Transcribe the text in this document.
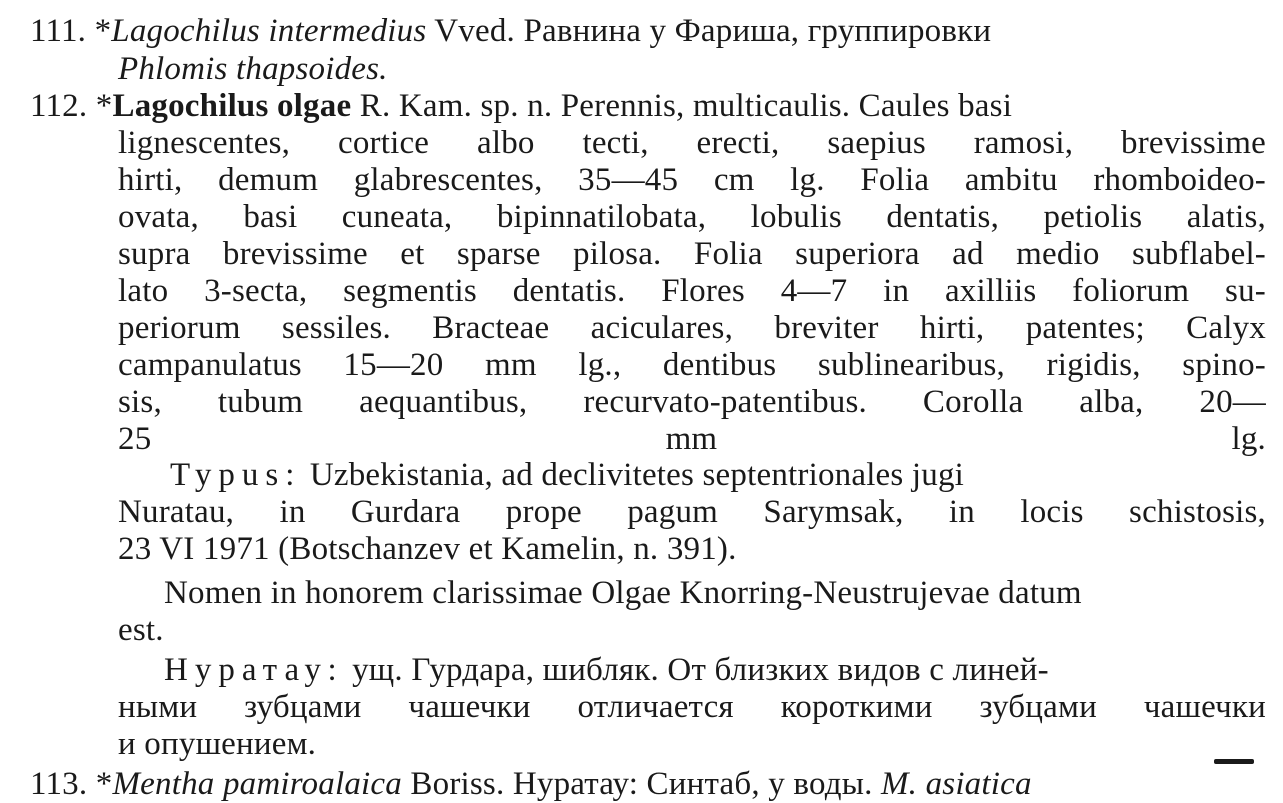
111. *Lagochilus intermedius Vved. Равнина у Фариша, группировки
Phlomis thapsoides.
112. *Lagochilus olgae R. Kam. sp. n. Perennis, multicaulis. Caules basi
lignescentes, cortice albo tecti, erecti, saepius ramosi, brevissime
hirti, demum glabrescentes, 35—45 cm lg. Folia ambitu rhomboideo-
ovata, basi cuneata, bipinnatilobata, lobulis dentatis, petiolis alatis,
supra brevissime et sparse pilosa. Folia superiora ad medio subflabel-
lato 3-secta, segmentis dentatis. Flores 4—7 in axilliis foliorum su-
periorum sessiles. Bracteae aciculares, breviter hirti, patentes; Calyx
campanulatus 15—20 mm lg., dentibus sublinearibus, rigidis, spino-
sis, tubum aequantibus, recurvato-patentibus. Corolla alba, 20—
25 mm lg.
Typus: Uzbekistania, ad declivitetes septentrionales jugi
Nuratau, in Gurdara prope pagum Sarymsak, in locis schistosis,
23 VI 1971 (Botschanzev et Kamelin, n. 391).
Nomen in honorem clarissimae Olgae Knorring-Neustrujevae datum
est.
Нуратау: ущ. Гурдара, шибляк. От близких видов с линей-
ными зубцами чашечки отличается короткими зубцами чашечки
и опушением.
113. *Mentha pamiroalaica Boriss. Нуратау: Синтаб, у воды. M. asiatica
